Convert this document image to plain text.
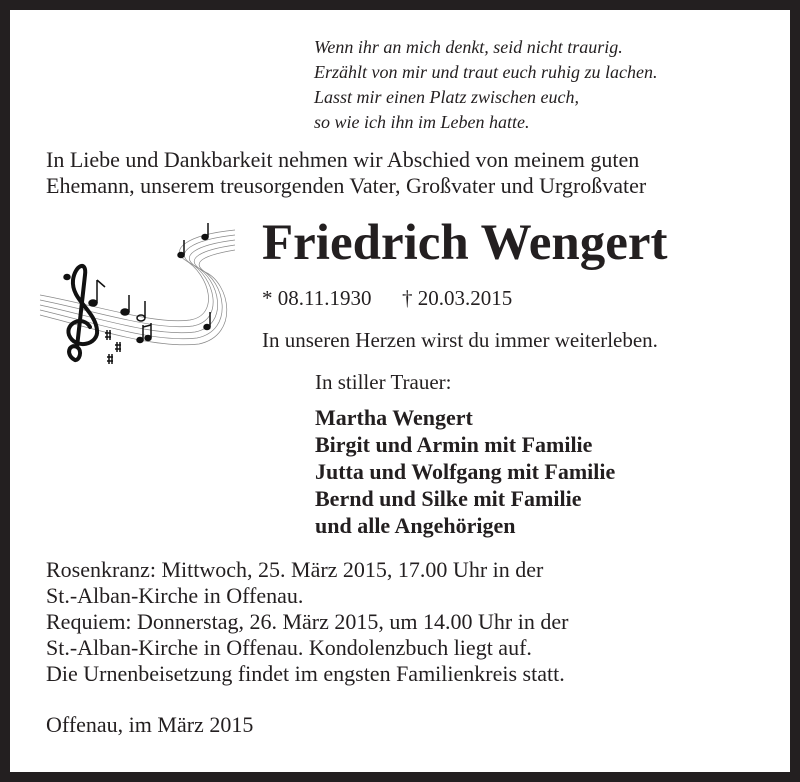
Wenn ihr an mich denkt, seid nicht traurig.
Erzählt von mir und traut euch ruhig zu lachen.
Lasst mir einen Platz zwischen euch,
so wie ich ihn im Leben hatte.
In Liebe und Dankbarkeit nehmen wir Abschied von meinem guten
Ehemann, unserem treusorgenden Vater, Großvater und Urgroßvater
Friedrich Wengert
* 08.11.1930 † 20.03.2015
In unseren Herzen wirst du immer weiterleben.
In stiller Trauer:
Martha Wengert
Birgit und Armin mit Familie
Jutta und Wolfgang mit Familie
Bernd und Silke mit Familie
und alle Angehörigen
Rosenkranz: Mittwoch, 25. März 2015, 17.00 Uhr in der
St.-Alban-Kirche in Offenau.
Requiem: Donnerstag, 26. März 2015, um 14.00 Uhr in der
St.-Alban-Kirche in Offenau. Kondolenzbuch liegt auf.
Die Urnenbeisetzung findet im engsten Familienkreis statt.
Offenau, im März 2015
